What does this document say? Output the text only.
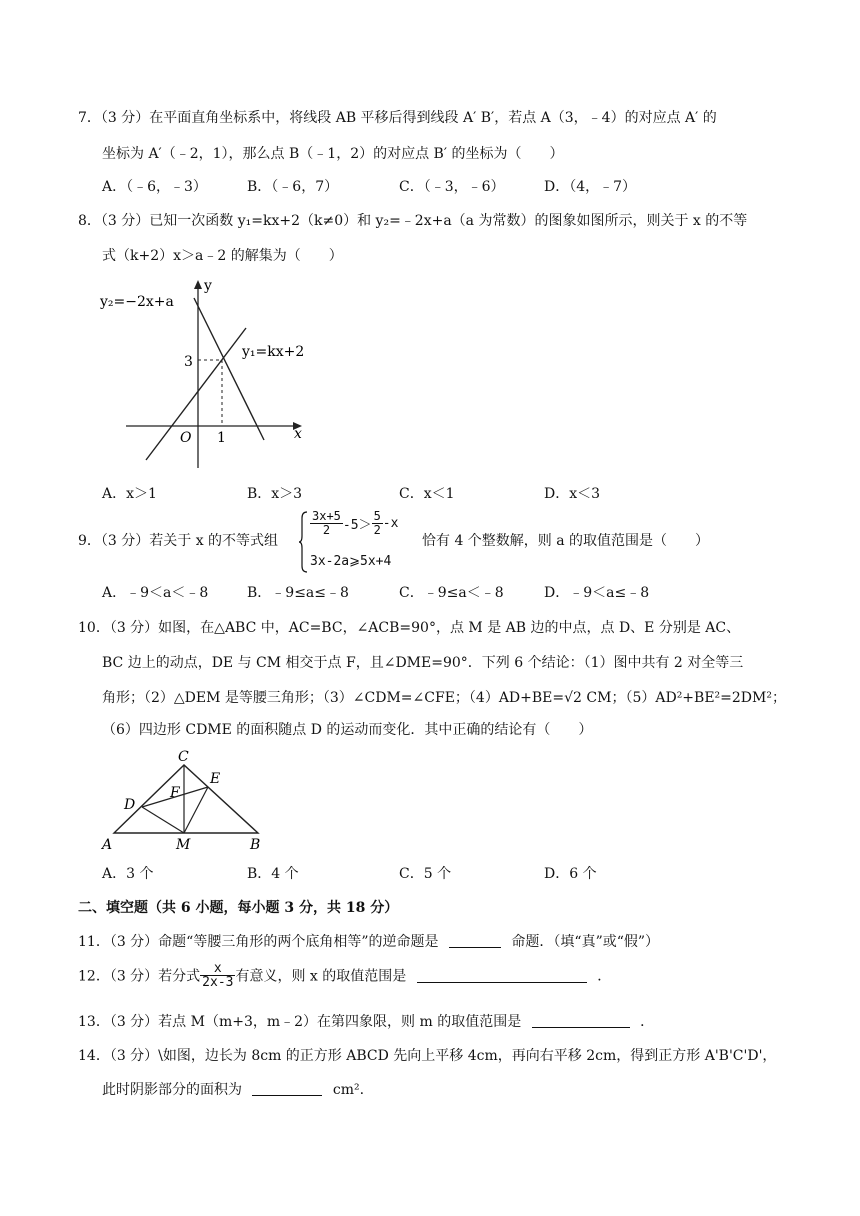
7．（3 分）在平面直角坐标系中，将线段 AB 平移后得到线段 A′ B′，若点 A（3，﹣4）的对应点 A′ 的
坐标为 A′（﹣2，1），那么点 B（﹣1，2）的对应点 B′ 的坐标为（　　）
A．（﹣6，﹣3）	B．（﹣6，7）	C．（﹣3，﹣6）	D．（4，﹣7）
8．（3 分）已知一次函数 y₁=kx+2（k≠0）和 y₂=﹣2x+a（a 为常数）的图象如图所示，则关于 x 的不等
式（k+2）x＞a﹣2 的解集为（　　）
y₂=−2x+a
y₁=kx+2
y
x
O 1
3
A．x＞1	B．x＞3	C．x＜1	D．x＜3
9．（3 分）若关于 x 的不等式组
$\frac{3x+5}{2} -5> \frac{5}{2} -x$
3x-2a⩾5x+4
恰有 4 个整数解，则 a 的取值范围是（　　）
A．﹣9＜a＜﹣8	B．﹣9≤a≤﹣8	C．﹣9≤a＜﹣8	D．﹣9＜a≤﹣8
10．（3 分）如图，在△ABC 中，AC=BC，∠ACB=90°，点 M 是 AB 边的中点，点 D、E 分别是 AC、
BC 边上的动点，DE 与 CM 相交于点 F，且∠DME=90°．下列 6 个结论：（1）图中共有 2 对全等三
角形；（2）△DEM 是等腰三角形；（3）∠CDM=∠CFE；（4）AD+BE=√2 CM；（5）AD²+BE²=2DM²；
（6）四边形 CDME 的面积随点 D 的运动而变化．其中正确的结论有（　　）
C
E
F
D
A	M	B
A．3 个	B．4 个	C．5 个	D．6 个
二、填空题（共 6 小题，每小题 3 分，共 18 分）
11．（3 分）命题“等腰三角形的两个底角相等”的逆命题是	命题．（填“真”或“假”）
12．（3 分）若分式 $\frac{x}{2x-3}$ 有意义，则 x 的取值范围是	．
13．（3 分）若点 M（m+3，m﹣2）在第四象限，则 m 的取值范围是	．
14．（3 分）\如图，边长为 8cm 的正方形 ABCD 先向上平移 4cm，再向右平移 2cm，得到正方形 A'B'C'D'，
此时阴影部分的面积为	cm².
